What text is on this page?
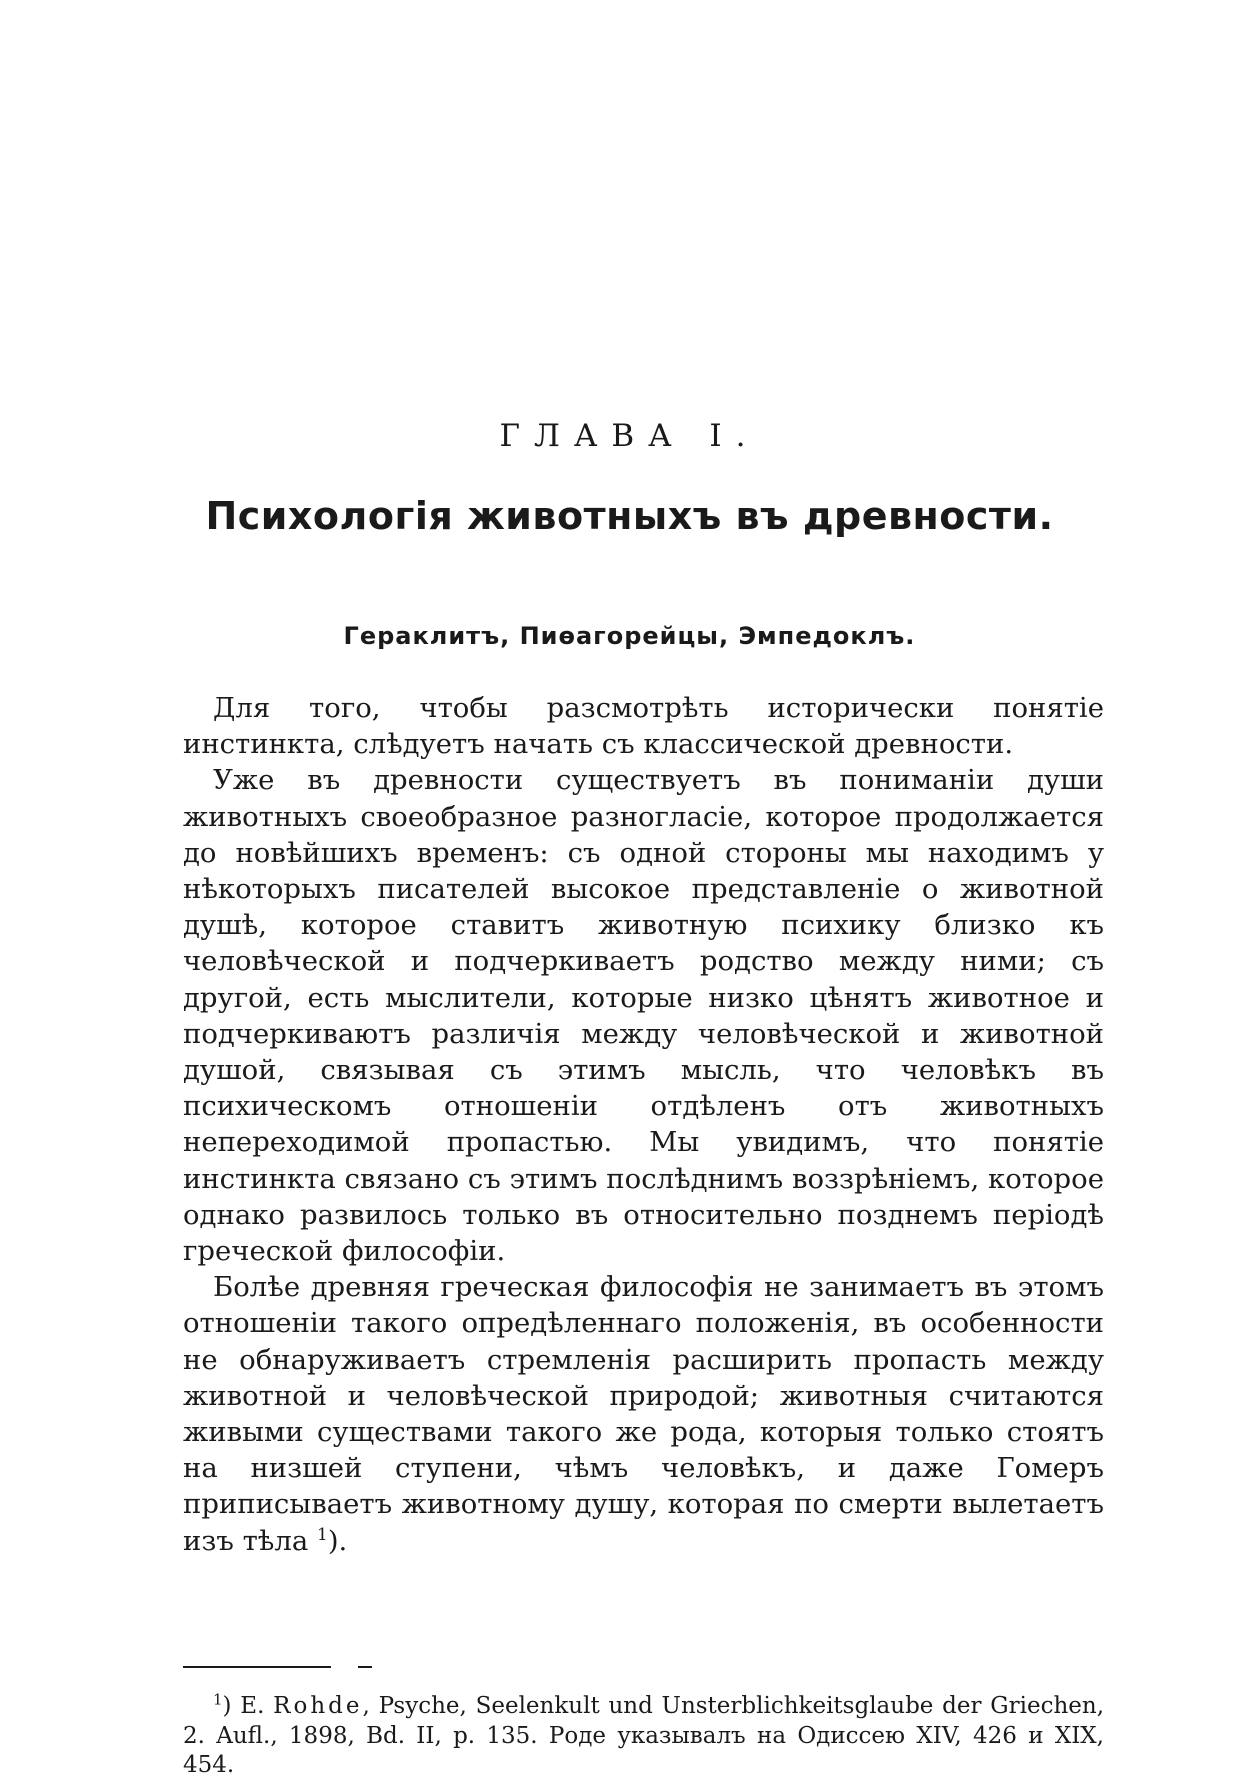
ГЛАВА I.
Психологія животныхъ въ древности.
Гераклитъ, Пиѳагорейцы, Эмпедоклъ.

Для того, чтобы разсмотрѣть исторически понятіе инстинкта, слѣдуетъ начать съ классической древности.

Уже въ древности существуетъ въ пониманіи души животныхъ своеобразное разногласіе, которое продолжается до новѣйшихъ временъ: съ одной стороны мы находимъ у нѣкоторыхъ писателей высокое представленіе о животной душѣ, которое ставитъ животную психику близко къ человѣческой и подчеркиваетъ родство между ними; съ другой, есть мыслители, которые низко цѣнятъ животное и подчеркиваютъ различія между человѣческой и животной душой, связывая съ этимъ мысль, что человѣкъ въ психическомъ отношеніи отдѣленъ отъ животныхъ непереходимой пропастью. Мы увидимъ, что понятіе инстинкта связано съ этимъ послѣднимъ воззрѣніемъ, которое однако развилось только въ относительно позднемъ періодѣ греческой философіи.

Болѣе древняя греческая философія не занимаетъ въ этомъ отношеніи такого опредѣленнаго положенія, въ особенности не обнаруживаетъ стремленія расширить пропасть между животной и человѣческой природой; животныя считаются живыми существами такого же рода, которыя только стоятъ на низшей ступени, чѣмъ человѣкъ, и даже Гомеръ приписываетъ животному душу, которая по смерти вылетаетъ изъ тѣла $^1$).

$^1$) E. Rohde, Psyche, Seelenkult und Unsterblichkeitsglaube der Griechen, 2. Aufl., 1898, Bd. II, p. 135. Роде указывалъ на Одиссею XIV, 426 и XIX, 454.
